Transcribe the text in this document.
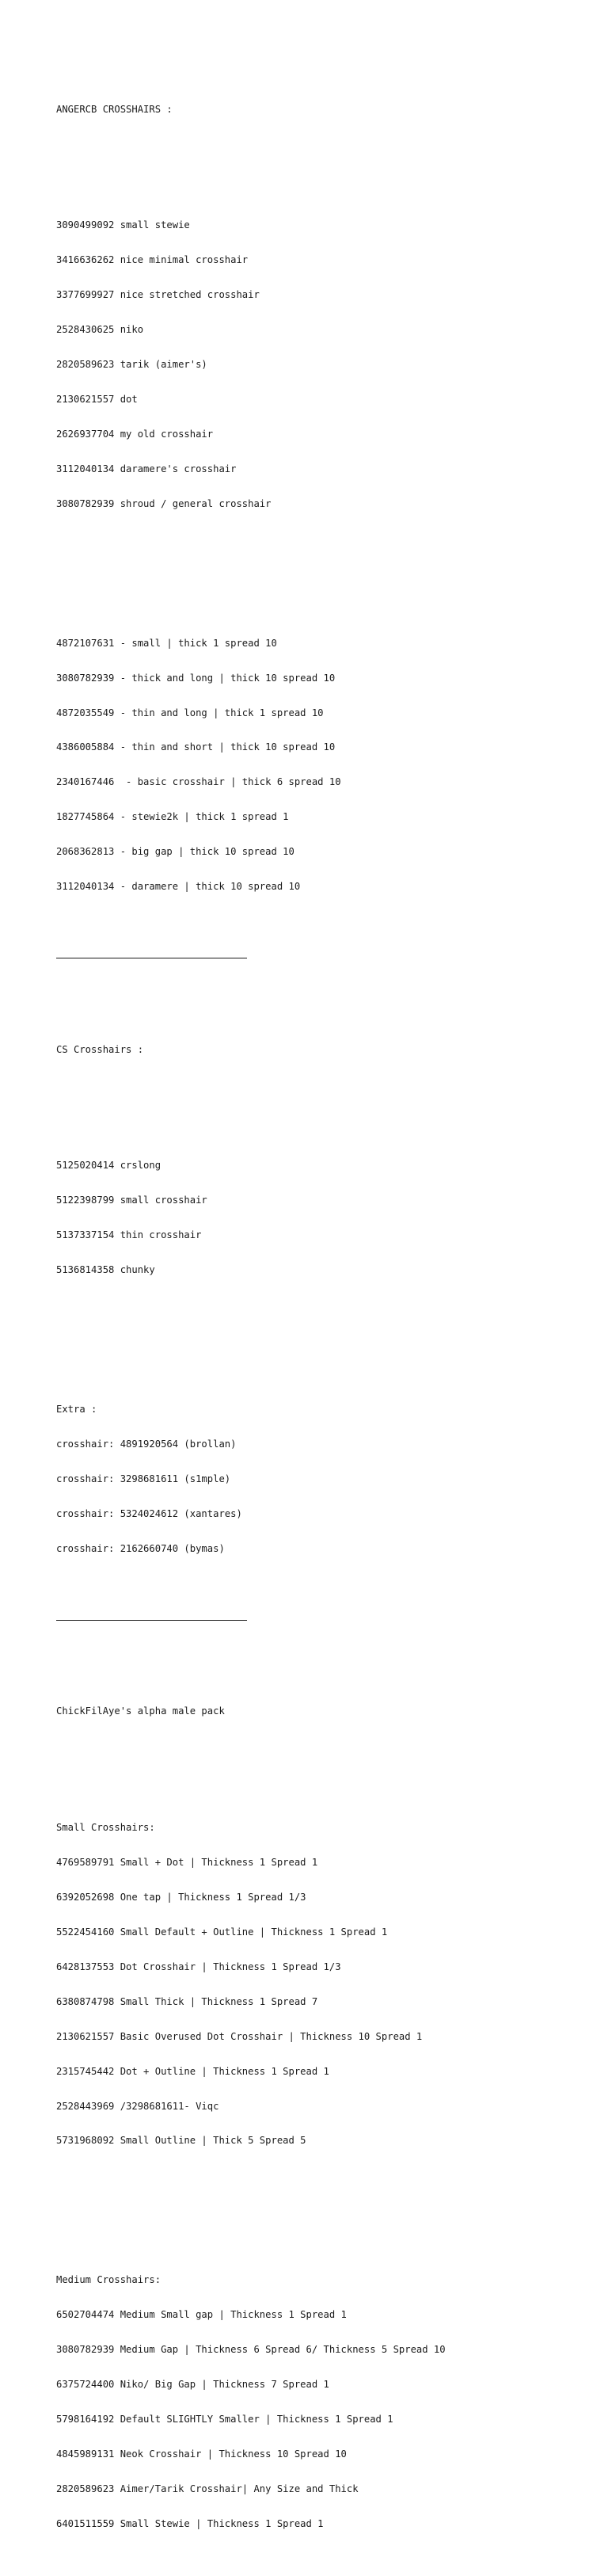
ANGERCB CROSSHAIRS :

3090499092 small stewie

3416636262 nice minimal crosshair

3377699927 nice stretched crosshair

2528430625 niko

2820589623 tarik (aimer's)

2130621557 dot

2626937704 my old crosshair

3112040134 daramere's crosshair

3080782939 shroud / general crosshair

4872107631 - small | thick 1 spread 10

3080782939 - thick and long | thick 10 spread 10

4872035549 - thin and long | thick 1 spread 10

4386005884 - thin and short | thick 10 spread 10

2340167446  - basic crosshair | thick 6 spread 10

1827745864 - stewie2k | thick 1 spread 1

2068362813 - big gap | thick 10 spread 10

3112040134 - daramere | thick 10 spread 10

CS Crosshairs :

5125020414 crslong

5122398799 small crosshair

5137337154 thin crosshair

5136814358 chunky

Extra :

crosshair: 4891920564 (brollan)

crosshair: 3298681611 (s1mple)

crosshair: 5324024612 (xantares)

crosshair: 2162660740 (bymas)

ChickFilAye's alpha male pack

Small Crosshairs:

4769589791 Small + Dot | Thickness 1 Spread 1

6392052698 One tap | Thickness 1 Spread 1/3

5522454160 Small Default + Outline | Thickness 1 Spread 1

6428137553 Dot Crosshair | Thickness 1 Spread 1/3

6380874798 Small Thick | Thickness 1 Spread 7

2130621557 Basic Overused Dot Crosshair | Thickness 10 Spread 1

2315745442 Dot + Outline | Thickness 1 Spread 1

2528443969 /3298681611- Viqc

5731968092 Small Outline | Thick 5 Spread 5

Medium Crosshairs:

6502704474 Medium Small gap | Thickness 1 Spread 1

3080782939 Medium Gap | Thickness 6 Spread 6/ Thickness 5 Spread 10

6375724400 Niko/ Big Gap | Thickness 7 Spread 1

5798164192 Default SLIGHTLY Smaller | Thickness 1 Spread 1

4845989131 Neok Crosshair | Thickness 10 Spread 10

2820589623 Aimer/Tarik Crosshair| Any Size and Thick

6401511559 Small Stewie | Thickness 1 Spread 1
